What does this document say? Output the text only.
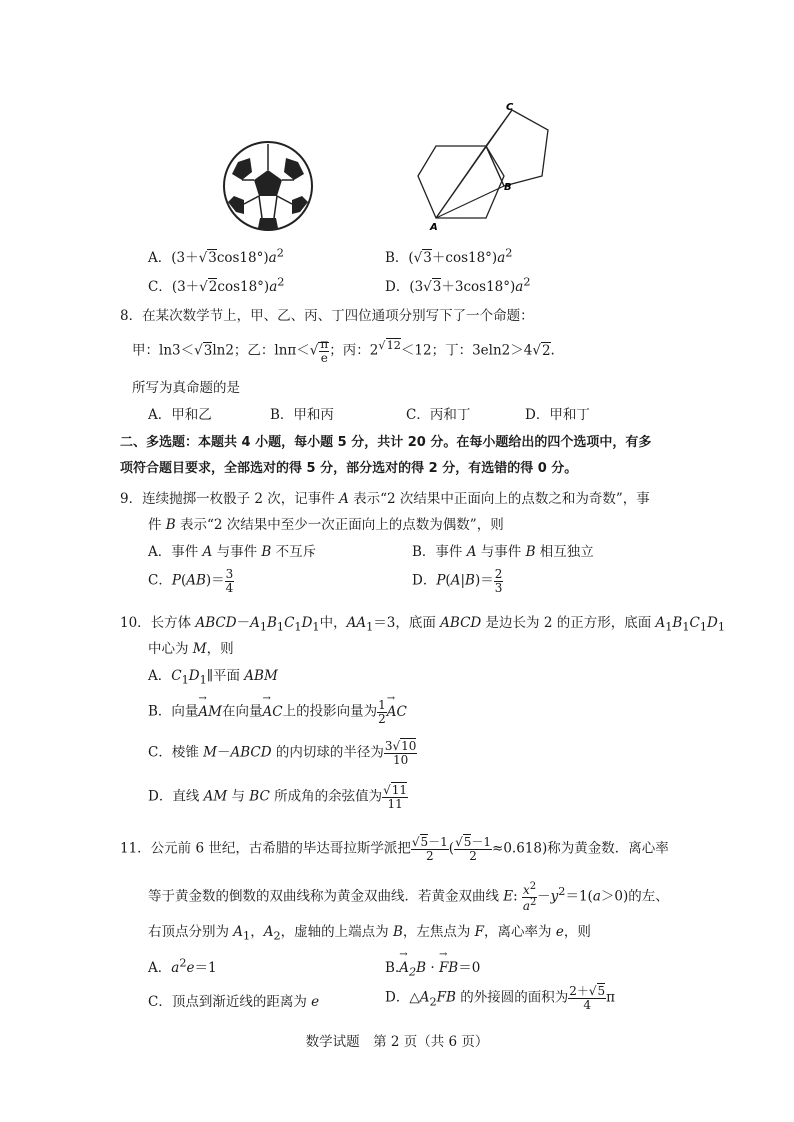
C
B
A
A．$(3+√3\cos 18^\circ)a^2$	B．$(√3+\cos 18^\circ)a^2$
C．$(3+√2\cos 18^\circ)a^2$	D．$(3√3+3\cos 18^\circ)a^2$
8．在某次数学节上，甲、乙、丙、丁四位通项分别写下了一个命题：
甲：ln3＜√3ln2；乙：$\ln\pi<√ \frac{\pi}{e}$ ；丙：$2^{√12}<12$；丁：3eln2＞4√2.
所写为真命题的是
A．甲和乙	B．甲和丙	C．丙和丁	D．甲和丁
二、多选题：本题共 4 小题，每小题 5 分，共计 20 分。在每小题给出的四个选项中，有多
项符合题目要求，全部选对的得 5 分，部分选对的得 2 分，有选错的得 0 分。
9．连续抛掷一枚骰子 2 次，记事件 A 表示“2 次结果中正面向上的点数之和为奇数”，事
件 B 表示“2 次结果中至少一次正面向上的点数为偶数”，则
A．事件 A 与事件 B 不互斥	B．事件 A 与事件 B 相互独立
C．$P(AB)= \frac{3}{4}$	D．$P(A|B)= \frac{2}{3}$
10．长方体 $ABCD-A_1B_1C_1D_1$中，$AA_1=3$，底面 ABCD 是边长为 2 的正方形，底面 $A_1B_1C_1D_1$
中心为 M，则
A．$C_1D_1\parallel$平面 ABM
B．向量→ AM在向量→ AC上的投影向量为 $\frac{1}{2}$
→ AC
C．棱锥 M－ABCD 的内切球的半径为 $\frac{3√10}{10}$
D．直线 AM 与 BC 所成角的余弦值为 $\frac{√11}{11}$
11．公元前 6 世纪，古希腊的毕达哥拉斯学派把 $\frac{√5-1}{2}$ ( $\frac{√5-1}{2} \approx 0.618$)称为黄金数．离心率
等于黄金数的倒数的双曲线称为黄金双曲线．若黄金双曲线 E: $\frac{x^2}{a^2} -y^2=1(a>0)$的左、
右顶点分别为 $A_1$，$A_2$，虚轴的上端点为 B，左焦点为 F，离心率为 e，则
A．$a^2e=1$	$B.\to A_2B$ · → FB＝0
C．顶点到渐近线的距离为 e	D．$\triangle A_2FB$ 的外接圆的面积为 $\frac{2+√5}{4}$ π
数学试题　第 2 页（共 6 页）
